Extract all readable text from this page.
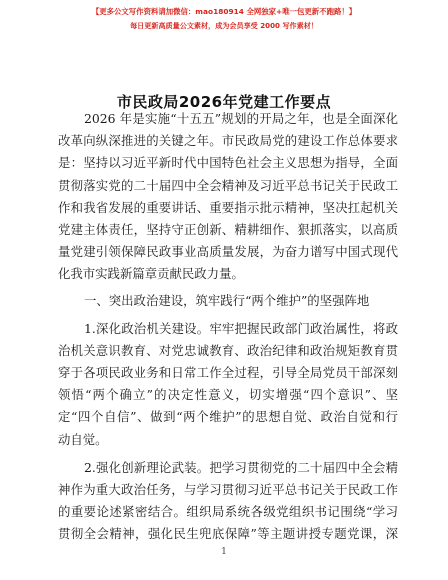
【更多公文写作资料请加微信：mao180914 全网独家+唯一包更新不跑路！】
每日更新高质量公文素材，成为会员享受 2000 写作素材！
市民政局2026年党建工作要点
2026 年是实施“十五五”规划的开局之年，也是全面深化
改革向纵深推进的关键之年。市民政局党的建设工作总体要求
是：坚持以习近平新时代中国特色社会主义思想为指导，全面
贯彻落实党的二十届四中全会精神及习近平总书记关于民政工
作和我省发展的重要讲话、重要指示批示精神，坚决扛起机关
党建主体责任，坚持守正创新、精耕细作、狠抓落实，以高质
量党建引领保障民政事业高质量发展，为奋力谱写中国式现代
化我市实践新篇章贡献民政力量。
一、突出政治建设，筑牢践行“两个维护”的坚强阵地
1.深化政治机关建设。牢牢把握民政部门政治属性，将政
治机关意识教育、对党忠诚教育、政治纪律和政治规矩教育贯
穿于各项民政业务和日常工作全过程，引导全局党员干部深刻
领悟“两个确立”的决定性意义，切实增强“四个意识”、坚
定“四个自信”、做到“两个维护”的思想自觉、政治自觉和行
动自觉。
2.强化创新理论武装。把学习贯彻党的二十届四中全会精
神作为重大政治任务，与学习贯彻习近平总书记关于民政工作
的重要论述紧密结合。组织局系统各级党组织书记围绕“学习
贯彻全会精神，强化民生兜底保障”等主题讲授专题党课，深
1
